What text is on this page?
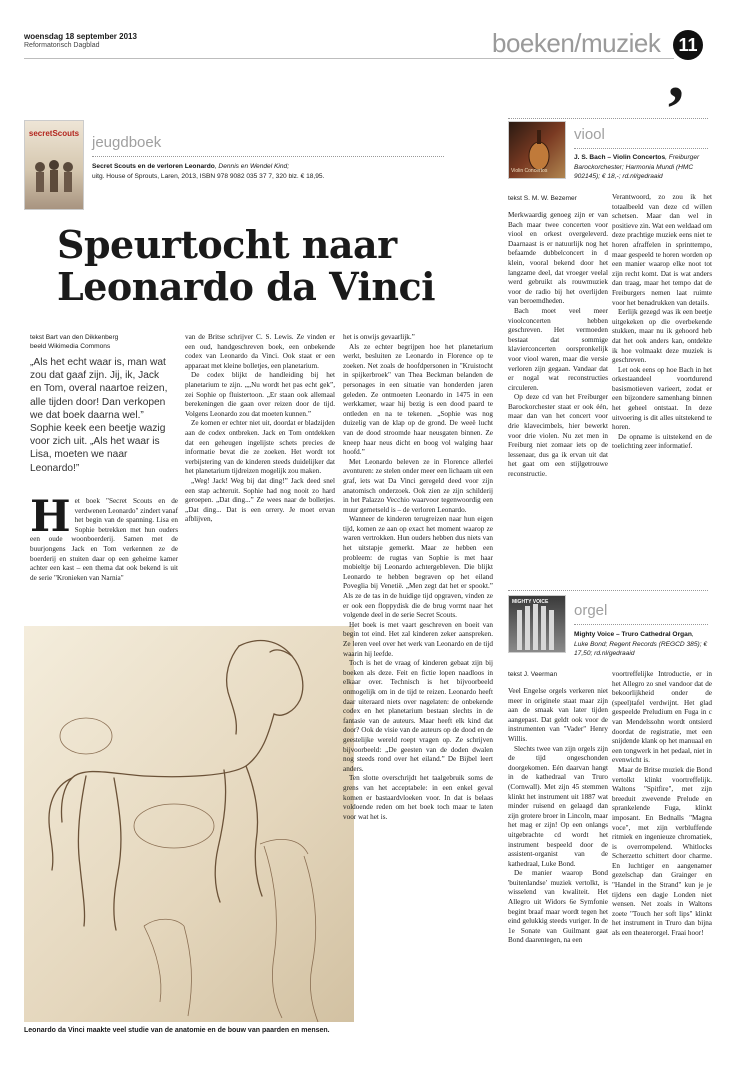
woensdag 18 september 2013
Reformatorisch Dagblad	boeken/muziek	11
,
secretScouts
jeugdboek
Secret Scouts en de verloren Leonardo, Dennis en Wendel Kind;
uitg. House of Sprouts, Laren, 2013, ISBN 978 9082 035 37 7, 320 blz. € 18,95.
Speurtocht naar Leonardo da Vinci
tekst Bart van den Dikkenberg
beeld Wikimedia Commons
„Als het echt waar is, man wat zou dat gaaf zijn. Jij, ik, Jack en Tom, overal naartoe reizen, alle tijden door! Dan verkopen we dat boek daarna wel.” Sophie keek een beetje wazig voor zich uit. „Als het waar is Lisa, moeten we naar Leonardo!”
H et boek "Secret Scouts en de verdwenen Leonardo" zindert vanaf het begin van de spanning. Lisa en Sophie betrekken met hun ouders een oude woonboerderij. Samen met de buurjongens Jack en Tom verkennen ze de boerderij en stuiten daar op een geheime kamer achter een kast – een thema dat ook bekend is uit de serie "Kronieken van Narnia"

Leonardo da Vinci maakte veel studie van de anatomie en de bouw van paarden en mensen.

van de Britse schrijver C. S. Lewis. Ze vinden er een oud, handgeschreven boek, een onbekende codex van Leonardo da Vinci. Ook staat er een apparaat met kleine bolletjes, een planetarium.

De codex blijkt de handleiding bij het planetarium te zijn. „„Nu wordt het pas echt gek”, zei Sophie op fluistertoon. „Er staan ook allemaal berekeningen die gaan over reizen door de tijd. Volgens Leonardo zou dat moeten kunnen.”

Ze komen er echter niet uit, doordat er bladzijden aan de codex ontbreken. Jack en Tom ontdekken dat een geheugen ingelijste schets precies de informatie bevat die ze zoeken. Het wordt tot verbijstering van de kinderen steeds duidelijker dat het planetarium tijdreizen mogelijk zou maken.

„Weg! Jack! Weg bij dat ding!” Jack deed snel een stap achteruit. Sophie had nog nooit zo hard geroepen. „Dat ding...” Ze wees naar de bolletjes. „Dat ding... Dat is een orrery. Je moet ervan afblijven,

het is onwijs gevaarlijk.”

Als ze echter begrijpen hoe het planetarium werkt, besluiten ze Leonardo in Florence op te zoeken. Net zoals de hoofdpersonen in "Kruistocht in spijkerbroek" van Thea Beckman belanden de personages in een situatie van honderden jaren geleden. Ze ontmoeten Leonardo in 1475 in een werkkamer, waar hij bezig is een dood paard te ontleden en na te tekenen. „Sophie was nog duizelig van de klap op de grond. De weeë lucht van de dood stroomde haar neusgaten binnen. Ze kneep haar neus dicht en boog vol walging haar hoofd.”

Met Leonardo beleven ze in Florence allerlei avonturen: ze stelen onder meer een lichaam uit een graf, iets wat Da Vinci geregeld deed voor zijn anatomisch onderzoek. Ook zien ze zijn schilderij in het Palazzo Vecchio waarvoor tegenwoordig een muur gemetseld is – de verloren Leonardo.

Wanneer de kinderen terugreizen naar hun eigen tijd, komen ze aan op exact het moment waarop ze waren vertrokken. Hun ouders hebben dus niets van het uitstapje gemerkt. Maar ze hebben een probleem: de rugtas van Sophie is met haar mobieltje bij Leonardo achtergebleven. Die blijkt Leonardo te hebben begraven op het eiland Poveglia bij Venetië. „Men zegt dat het er spookt.” Als ze de tas in de huidige tijd opgraven, vinden ze er ook een floppydisk die de brug vormt naar het volgende deel in de serie Secret Scouts.

Het boek is met vaart geschreven en boeit van begin tot eind. Het zal kinderen zeker aanspreken. Ze leren veel over het werk van Leonardo en de tijd waarin hij leefde.

Toch is het de vraag of kinderen gebaat zijn bij boeken als deze. Feit en fictie lopen naadloos in elkaar over. Technisch is het bijvoorbeeld onmogelijk om in de tijd te reizen. Leonardo heeft daar uiteraard niets over nagelaten: de onbekende codex en het planetarium bestaan slechts in de fantasie van de auteurs. Maar heeft elk kind dat door? Ook de visie van de auteurs op de dood en de geestelijke wereld roept vragen op. Ze schrijven bijvoorbeeld: „De geesten van de doden dwalen nog steeds rond over het eiland.” De Bijbel leert anders.

Ten slotte overschrijdt het taalgebruik soms de grens van het acceptabele: in een enkel geval komen er bastaardvloeken voor. In dat is belaas voldoende reden om het boek toch maar te laten voor wat het is.

Violin Concertos
viool
J. S. Bach – Violin Concertos, Freiburger Barockorchester; Harmonia Mundi (HMC 902145); € 18,-; rd.nl/gedraaid
tekst S. M. W. Bezemer

Merkwaardig genoeg zijn er van Bach maar twee concerten voor viool en orkest overgeleverd. Daarnaast is er natuurlijk nog het befaamde dubbelconcert in d klein, vooral bekend door het langzame deel, dat vroeger veelal werd gebruikt als rouwmuziek voor de radio bij het overlijden van beroemdheden.

Bach moet veel meer vioolconcerten hebben geschreven. Het vermoeden bestaat dat sommige klavierconcerten oorspronkelijk voor viool waren, maar die versie verloren zijn gegaan. Vandaar dat er nogal wat reconstructies circuleren.

Op deze cd van het Freiburger Barockorchester staat er ook één, maar dan van het concert voor drie klavecimbels, hier bewerkt voor drie violen. Nu zet men in Freiburg niet zomaar iets op de lessenaar, dus ga ik ervan uit dat het gaat om een stijlgetrouwe reconstructie.

Verantwoord, zo zou ik het totaalbeeld van deze cd willen schetsen. Maar dan wel in positieve zin. Wat een weldaad om deze prachtige muziek eens niet te horen afraffelen in sprinttempo, maar gespeeld te horen worden op een manier waarop elke noot tot zijn recht komt. Dat is wat anders dan traag, maar het tempo dat de Freiburgers nemen laat ruimte voor het benadrukken van details.

Eerlijk gezegd was ik een beetje uitgekeken op die overbekende stukken, maar nu ik gehoord heb dat het ook anders kan, ontdekte ik hoe volmaakt deze muziek is geschreven.

Let ook eens op hoe Bach in het orkestaandeel voortdurend basismotieven varieert, zodat er een bijzondere samenhang binnen het geheel ontstaat. In deze uitvoering is dit alles uitstekend te horen.

De opname is uitstekend en de toelichting zeer informatief.

MIGHTY VOICE orgel
Mighty Voice – Truro Cathedral Organ, Luke Bond; Regent Records (REGCD 385); € 17,50; rd.nl/gedraaid
tekst J. Veerman

Veel Engelse orgels verkeren niet meer in originele staat maar zijn aan de smaak van later tijden aangepast. Dat geldt ook voor de instrumenten van "Vader" Henry Willis.

Slechts twee van zijn orgels zijn de tijd ongeschonden doorgekomen. Eén daarvan hangt in de kathedraal van Truro (Cornwall). Met zijn 45 stemmen klinkt het instrument uit 1887 wat minder ruisend en gelaagd dan zijn grotere broer in Lincoln, maar het mag er zijn! Op een onlangs uitgebrachte cd wordt het instrument bespeeld door de assistent-organist van de kathedraal, Luke Bond.

De manier waarop Bond 'buitenlandse' muziek vertolkt, is wisselend van kwaliteit. Het Allegro uit Widors 6e Symfonie begint braaf maar wordt tegen het eind gelukkig steeds vuriger. In de 1e Sonate van Guilmant gaat Bond daarentegen, na een

voortreffelijke Introductie, er in het Allegro zo snel vandoor dat de bekoorlijkheid onder de (speel)tafel verdwijnt. Het glad gespeelde Preludium en Fuga in c van Mendelssohn wordt ontsierd doordat de registratie, met een snijdende klank op het manuaal en een tongwerk in het pedaal, niet in evenwicht is.

Maar de Britse muziek die Bond vertolkt klinkt voortreffelijk. Waltons "Spitfire", met zijn breeduit zwevende Prelude en sprankelende Fuga, klinkt imposant. En Bednalls "Magna voce", met zijn verbluffende ritmiek en ingenieuze chromatiek, is overrompelend. Whitlocks Scherzetto schittert door charme. En luchtiger en aangenamer gezelschap dan Grainger en "Handel in the Strand" kun je je tijdens een dagje Londen niet wensen. Net zoals in Waltons zoete "Touch her soft lips" klinkt het instrument in Truro dan bijna als een theaterorgel. Fraai hoor!
